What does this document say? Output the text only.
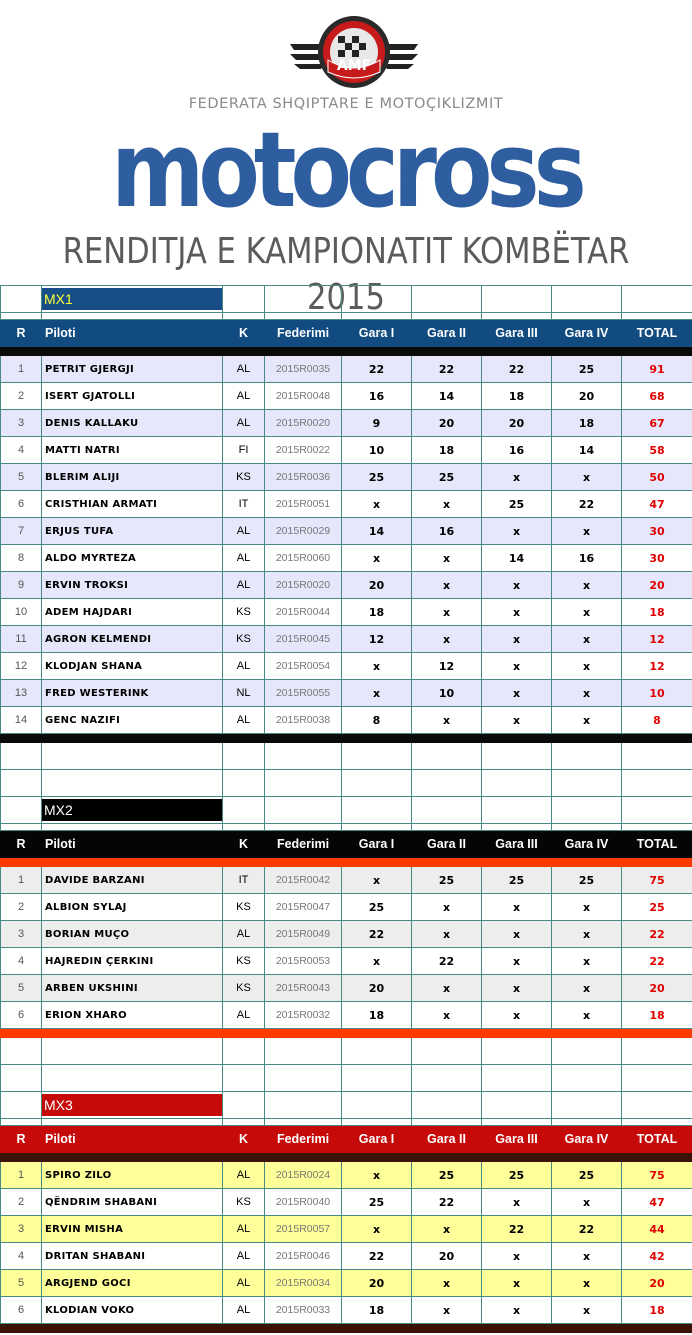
AMF
FEDERATA SHQIPTARE E MOTOÇIKLIZMIT
motocross
RENDITJA E KAMPIONATIT KOMBËTAR 2015

	MX1							

R	Piloti	K	Federimi	Gara I	Gara II	Gara III	Gara IV	TOTAL

1	PETRIT GJERGJI	AL	2015R0035	22	22	22	25	91
2	ISERT GJATOLLI	AL	2015R0048	16	14	18	20	68
3	DENIS KALLAKU	AL	2015R0020	9	20	20	18	67
4	MATTI NATRI	FI	2015R0022	10	18	16	14	58
5	BLERIM ALIJI	KS	2015R0036	25	25	x	x	50
6	CRISTHIAN ARMATI	IT	2015R0051	x	x	25	22	47
7	ERJUS TUFA	AL	2015R0029	14	16	x	x	30
8	ALDO MYRTEZA	AL	2015R0060	x	x	14	16	30
9	ERVIN TROKSI	AL	2015R0020	20	x	x	x	20
10	ADEM HAJDARI	KS	2015R0044	18	x	x	x	18
11	AGRON KELMENDI	KS	2015R0045	12	x	x	x	12
12	KLODJAN SHANA	AL	2015R0054	x	12	x	x	12
13	FRED WESTERINK	NL	2015R0055	x	10	x	x	10
14	GENC NAZIFI	AL	2015R0038	8	x	x	x	8

	MX2							

R	Piloti	K	Federimi	Gara I	Gara II	Gara III	Gara IV	TOTAL

1	DAVIDE BARZANI	IT	2015R0042	x	25	25	25	75
2	ALBION SYLAJ	KS	2015R0047	25	x	x	x	25
3	BORIAN MUÇO	AL	2015R0049	22	x	x	x	22
4	HAJREDIN ÇERKINI	KS	2015R0053	x	22	x	x	22
5	ARBEN UKSHINI	KS	2015R0043	20	x	x	x	20
6	ERION XHARO	AL	2015R0032	18	x	x	x	18

	MX3							

R	Piloti	K	Federimi	Gara I	Gara II	Gara III	Gara IV	TOTAL

1	SPIRO ZILO	AL	2015R0024	x	25	25	25	75
2	QËNDRIM SHABANI	KS	2015R0040	25	22	x	x	47
3	ERVIN MISHA	AL	2015R0057	x	x	22	22	44
4	DRITAN SHABANI	AL	2015R0046	22	20	x	x	42
5	ARGJEND GOCI	AL	2015R0034	20	x	x	x	20
6	KLODIAN VOKO	AL	2015R0033	18	x	x	x	18
